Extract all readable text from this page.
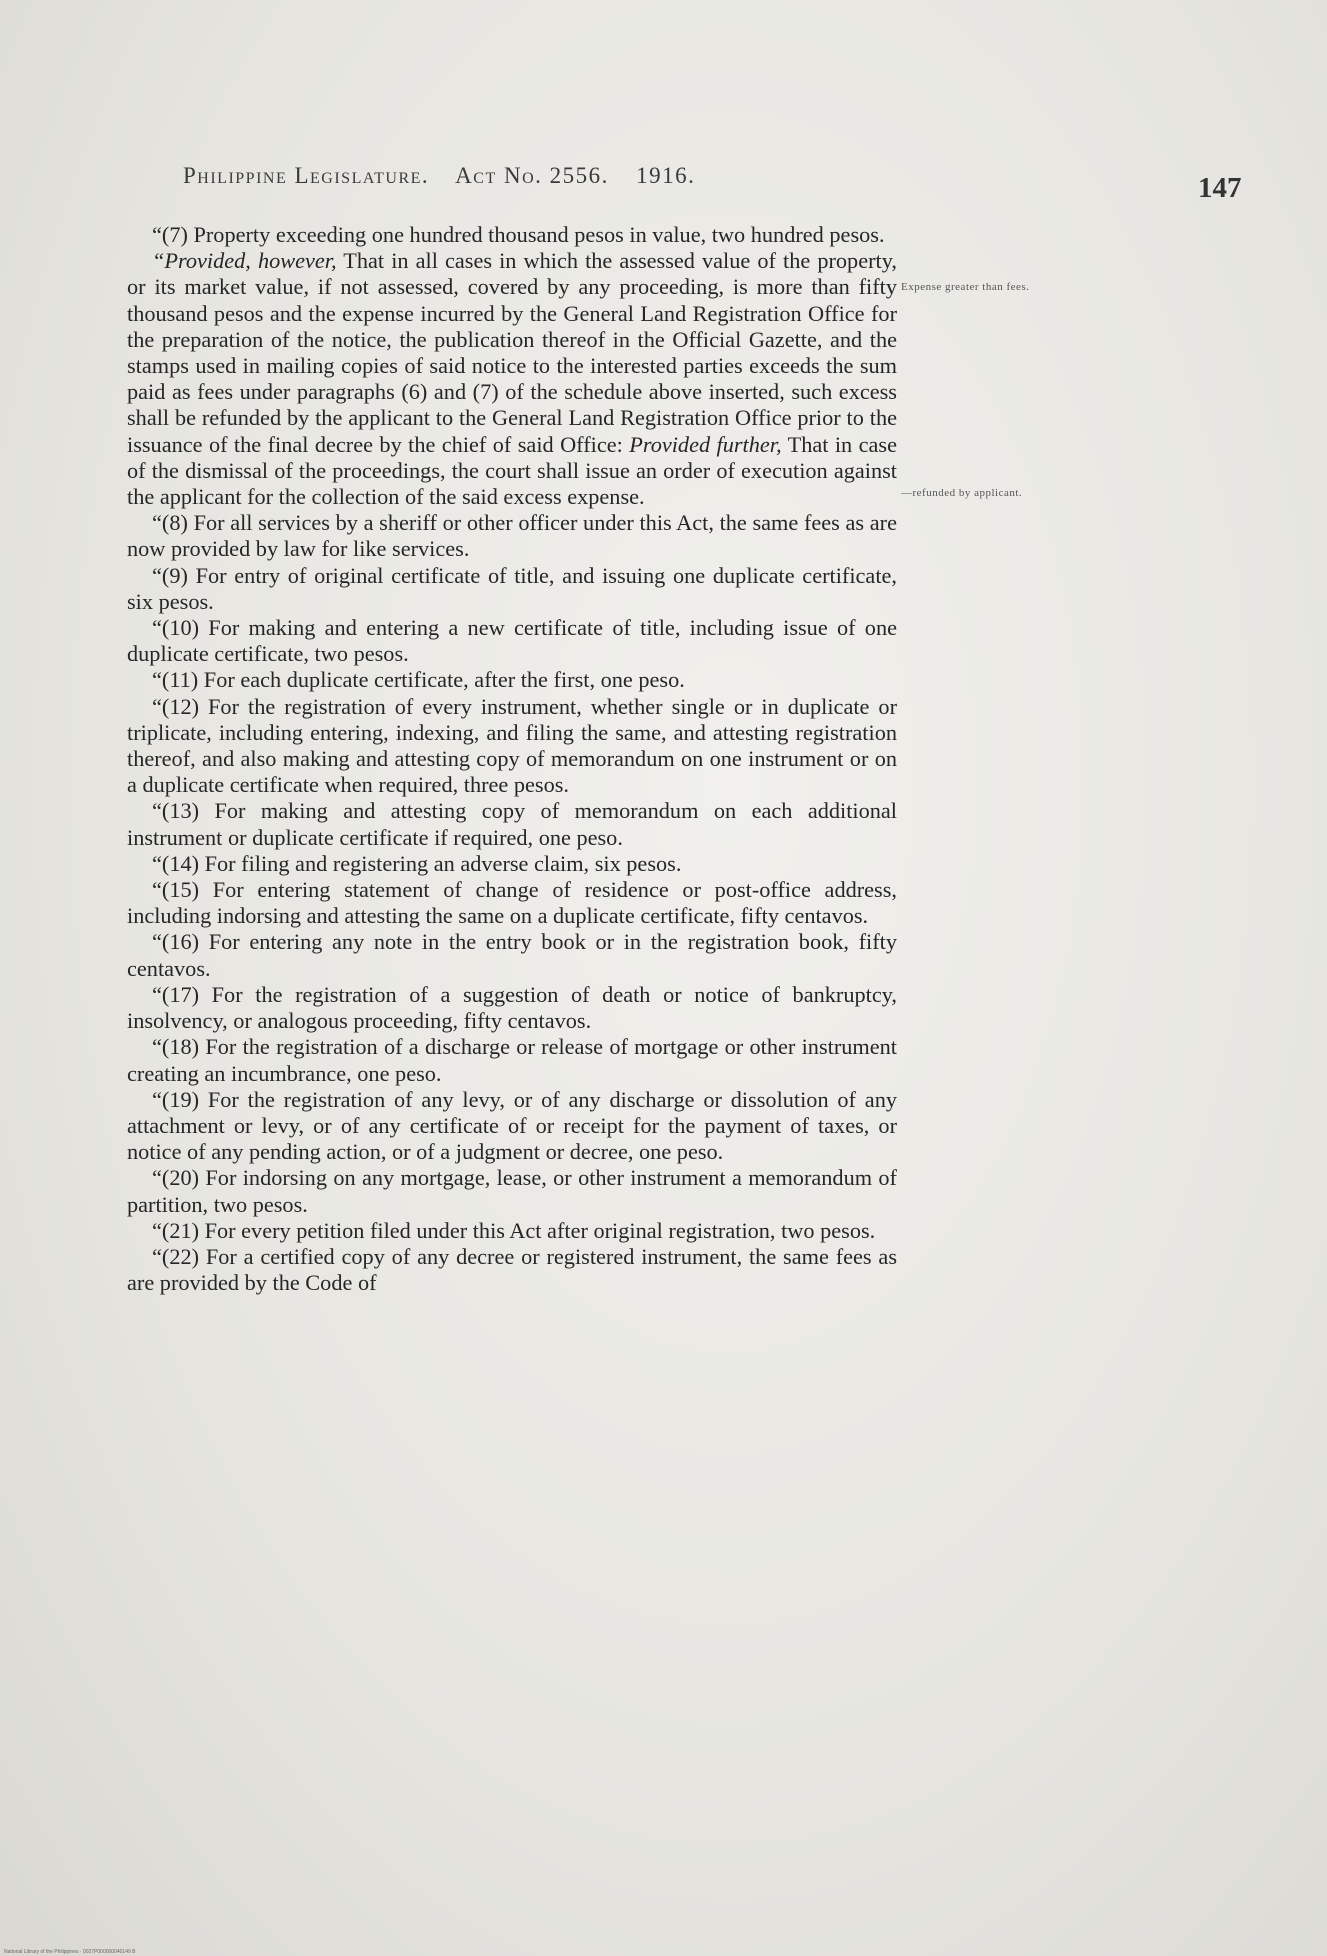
Philippine Legislature. Act No. 2556. 1916.	147
Expense greater than fees.
—refunded by applicant.

“(7) Property exceeding one hundred thousand pesos in value, two hundred pesos.

“Provided, however, That in all cases in which the assessed value of the property, or its market value, if not assessed, covered by any proceeding, is more than fifty thousand pesos and the expense incurred by the General Land Registration Office for the preparation of the notice, the publication thereof in the Official Gazette, and the stamps used in mailing copies of said notice to the interested parties exceeds the sum paid as fees under paragraphs (6) and (7) of the schedule above inserted, such excess shall be refunded by the applicant to the General Land Registration Office prior to the issuance of the final decree by the chief of said Office: Provided further, That in case of the dismissal of the proceedings, the court shall issue an order of execution against the applicant for the collection of the said excess expense.

“(8) For all services by a sheriff or other officer under this Act, the same fees as are now provided by law for like services.

“(9) For entry of original certificate of title, and issuing one duplicate certificate, six pesos.

“(10) For making and entering a new certificate of title, including issue of one duplicate certificate, two pesos.

“(11) For each duplicate certificate, after the first, one peso.

“(12) For the registration of every instrument, whether single or in duplicate or triplicate, including entering, indexing, and filing the same, and attesting registration thereof, and also making and attesting copy of memorandum on one instrument or on a duplicate certificate when required, three pesos.

“(13) For making and attesting copy of memorandum on each additional instrument or duplicate certificate if required, one peso.

“(14) For filing and registering an adverse claim, six pesos.

“(15) For entering statement of change of residence or post-office address, including indorsing and attesting the same on a duplicate certificate, fifty centavos.

“(16) For entering any note in the entry book or in the registration book, fifty centavos.

“(17) For the registration of a suggestion of death or notice of bankruptcy, insolvency, or analogous proceeding, fifty centavos.

“(18) For the registration of a discharge or release of mortgage or other instrument creating an incumbrance, one peso.

“(19) For the registration of any levy, or of any discharge or dissolution of any attachment or levy, or of any certificate of or receipt for the payment of taxes, or notice of any pending action, or of a judgment or decree, one peso.

“(20) For indorsing on any mortgage, lease, or other instrument a memorandum of partition, two pesos.

“(21) For every petition filed under this Act after original registration, two pesos.

“(22) For a certified copy of any decree or registered instrument, the same fees as are provided by the Code of

National Library of the Philippines · 0027P000000040149 B
